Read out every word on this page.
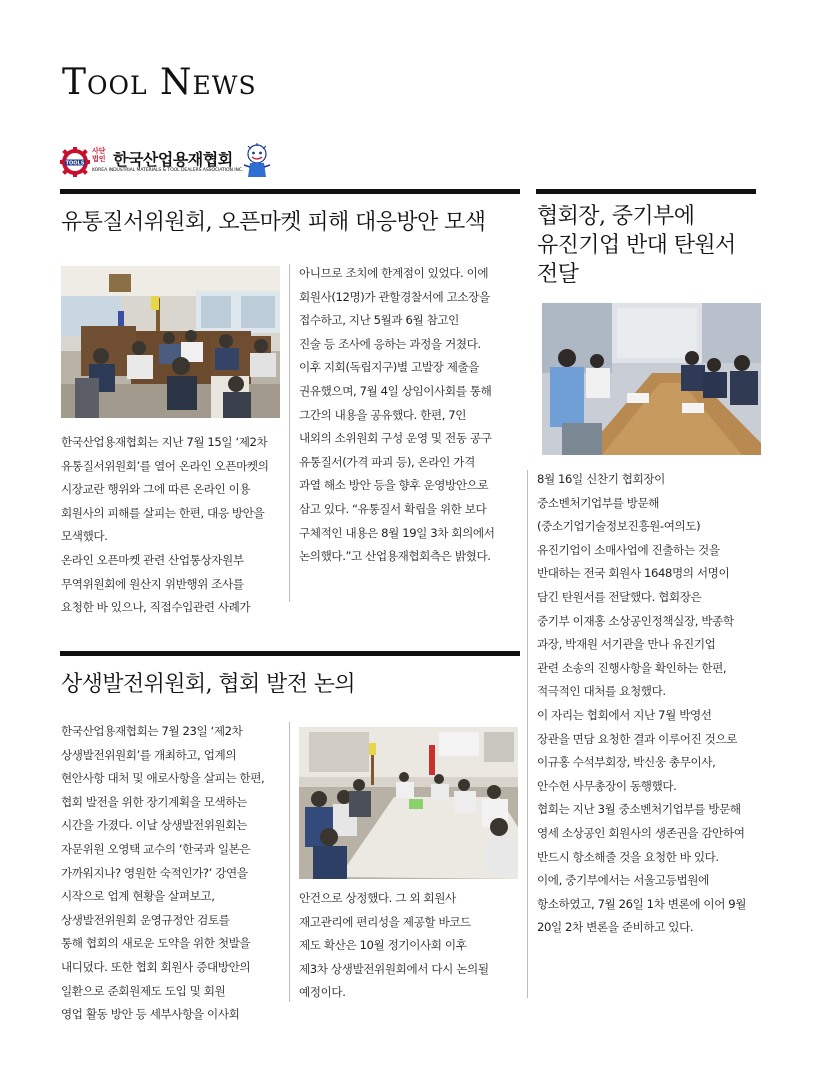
Tool News
TOOLS
사단
법인 한국산업용재협회
KOREA INDUSTRIAL MATERIALS & TOOL DEALERS ASSOCIATION INC.
유통질서위원회, 오픈마켓 피해 대응방안 모색

한국산업용재협회는 지난 7월 15일 ‘제2차

유통질서위원회’를 열어 온라인 오픈마켓의

시장교란 행위와 그에 따른 온라인 이용

회원사의 피해를 살피는 한편, 대응 방안을

모색했다.

온라인 오픈마켓 관련 산업통상자원부

무역위원회에 원산지 위반행위 조사를

요청한 바 있으나, 직접수입관련 사례가

아니므로 조치에 한계점이 있었다. 이에

회원사(12명)가 관할경찰서에 고소장을

접수하고, 지난 5월과 6월 참고인

진술 등 조사에 응하는 과정을 거쳤다.

이후 지회(독립지구)별 고발장 제출을

권유했으며, 7월 4일 상임이사회를 통해

그간의 내용을 공유했다. 한편, 7인

내외의 소위원회 구성 운영 및 전동 공구

유통질서(가격 파괴 등), 온라인 가격

과열 해소 방안 등을 향후 운영방안으로

삼고 있다. “유통질서 확립을 위한 보다

구체적인 내용은 8월 19일 3차 회의에서

논의했다.”고 산업용재협회측은 밝혔다.

상생발전위원회, 협회 발전 논의

한국산업용재협회는 7월 23일 ‘제2차

상생발전위원회’를 개최하고, 업계의

현안사항 대처 및 애로사항을 살피는 한편,

협회 발전을 위한 장기계획을 모색하는

시간을 가졌다. 이날 상생발전위원회는

자문위원 오영택 교수의 ‘한국과 일본은

가까워지나? 영원한 숙적인가?’ 강연을

시작으로 업계 현황을 살펴보고,

상생발전위원회 운영규정안 검토를

통해 협회의 새로운 도약을 위한 첫발을

내디뎠다. 또한 협회 회원사 증대방안의

일환으로 준회원제도 도입 및 회원

영업 활동 방안 등 세부사항을 이사회

안건으로 상정했다. 그 외 회원사

재고관리에 편리성을 제공할 바코드

제도 확산은 10월 정기이사회 이후

제3차 상생발전위원회에서 다시 논의될

예정이다.

협회장, 중기부에
유진기업 반대 탄원서
전달

8월 16일 신찬기 협회장이

중소벤처기업부를 방문해

(중소기업기술정보진흥원-여의도)

유진기업이 소매사업에 진출하는 것을

반대하는 전국 회원사 1648명의 서명이

담긴 탄원서를 전달했다. 협회장은

중기부 이재홍 소상공인정책실장, 박종학

과장, 박재원 서기관을 만나 유진기업

관련 소송의 진행사항을 확인하는 한편,

적극적인 대처를 요청했다.

이 자리는 협회에서 지난 7월 박영선

장관을 면담 요청한 결과 이루어진 것으로

이규홍 수석부회장, 박신웅 총무이사,

안수헌 사무총장이 동행했다.

협회는 지난 3월 중소벤처기업부를 방문해

영세 소상공인 회원사의 생존권을 감안하여

반드시 항소해줄 것을 요청한 바 있다.

이에, 중기부에서는 서울고등법원에

항소하였고, 7월 26일 1차 변론에 이어 9월

20일 2차 변론을 준비하고 있다.
